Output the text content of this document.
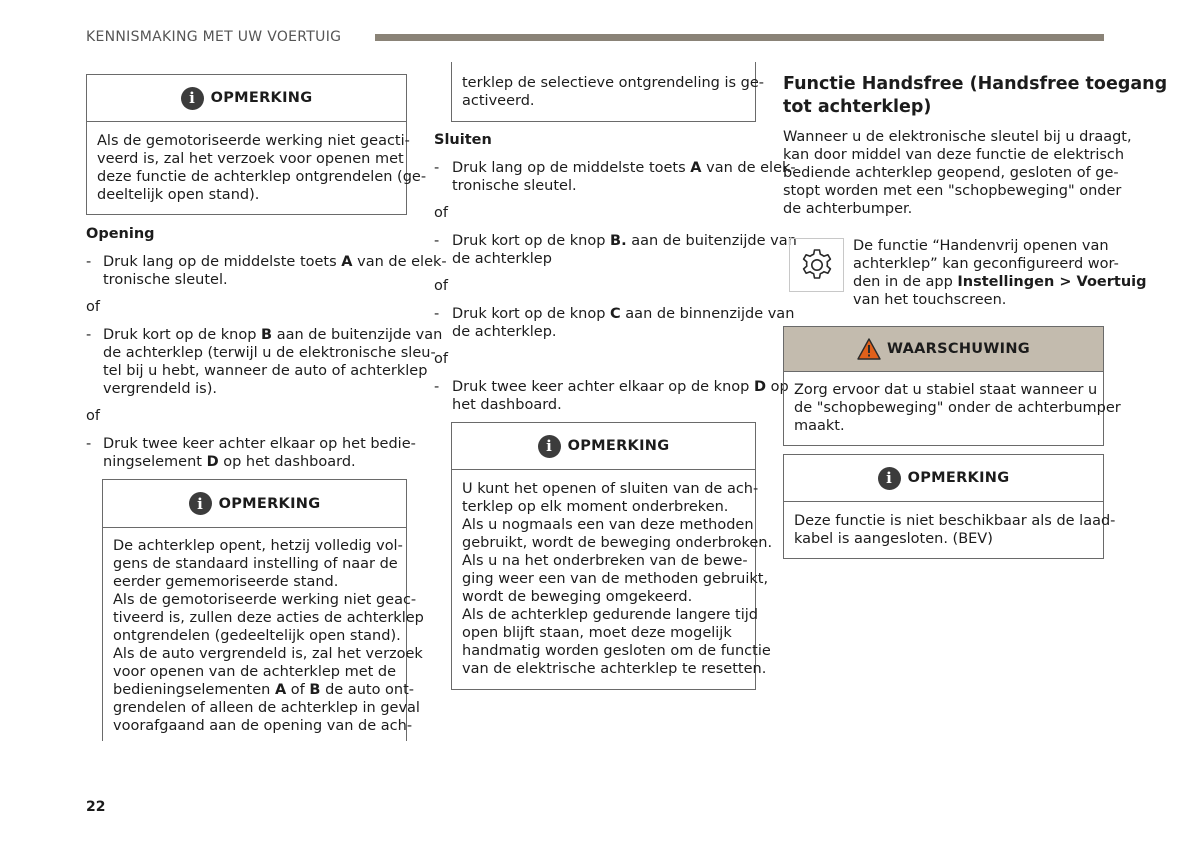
KENNISMAKING MET UW VOERTUIG
i	OPMERKING
Als de gemotoriseerde werking niet geacti-
veerd is, zal het verzoek voor openen met
deze functie de achterklep ontgrendelen (ge-
deeltelijk open stand).
Opening
- Druk lang op de middelste toets A van de elek-
tronische sleutel.
of
- Druk kort op de knop B aan de buitenzijde van
de achterklep (terwijl u de elektronische sleu-
tel bij u hebt, wanneer de auto of achterklep
vergrendeld is).
of
- Druk twee keer achter elkaar op het bedie-
ningselement D op het dashboard.
i	OPMERKING
De achterklep opent, hetzij volledig vol-
gens de standaard instelling of naar de
eerder gememoriseerde stand.
Als de gemotoriseerde werking niet geac-
tiveerd is, zullen deze acties de achterklep
ontgrendelen (gedeeltelijk open stand).
Als de auto vergrendeld is, zal het verzoek
voor openen van de achterklep met de
bedieningselementen A of B de auto ont-
grendelen of alleen de achterklep in geval
voorafgaand aan de opening van de ach-
terklep de selectieve ontgrendeling is ge-
activeerd.
Sluiten
- Druk lang op de middelste toets A van de elek-
tronische sleutel.
of
- Druk kort op de knop B. aan de buitenzijde van
de achterklep
of
- Druk kort op de knop C aan de binnenzijde van
de achterklep.
of
- Druk twee keer achter elkaar op de knop D op
het dashboard.
i	OPMERKING
U kunt het openen of sluiten van de ach-
terklep op elk moment onderbreken.
Als u nogmaals een van deze methoden
gebruikt, wordt de beweging onderbroken.
Als u na het onderbreken van de bewe-
ging weer een van de methoden gebruikt,
wordt de beweging omgekeerd.
Als de achterklep gedurende langere tijd
open blijft staan, moet deze mogelijk
handmatig worden gesloten om de functie
van de elektrische achterklep te resetten.
Functie Handsfree (Handsfree toegang
tot achterklep)
Wanneer u de elektronische sleutel bij u draagt,
kan door middel van deze functie de elektrisch
bediende achterklep geopend, gesloten of ge-
stopt worden met een "schopbeweging" onder
de achterbumper.
De functie “Handenvrij openen van
achterklep” kan geconfigureerd wor-
den in de app Instellingen > Voertuig
van het touchscreen.
WAARSCHUWING
Zorg ervoor dat u stabiel staat wanneer u
de "schopbeweging" onder de achterbumper
maakt.
i	OPMERKING
Deze functie is niet beschikbaar als de laad-
kabel is aangesloten. (BEV)
22
